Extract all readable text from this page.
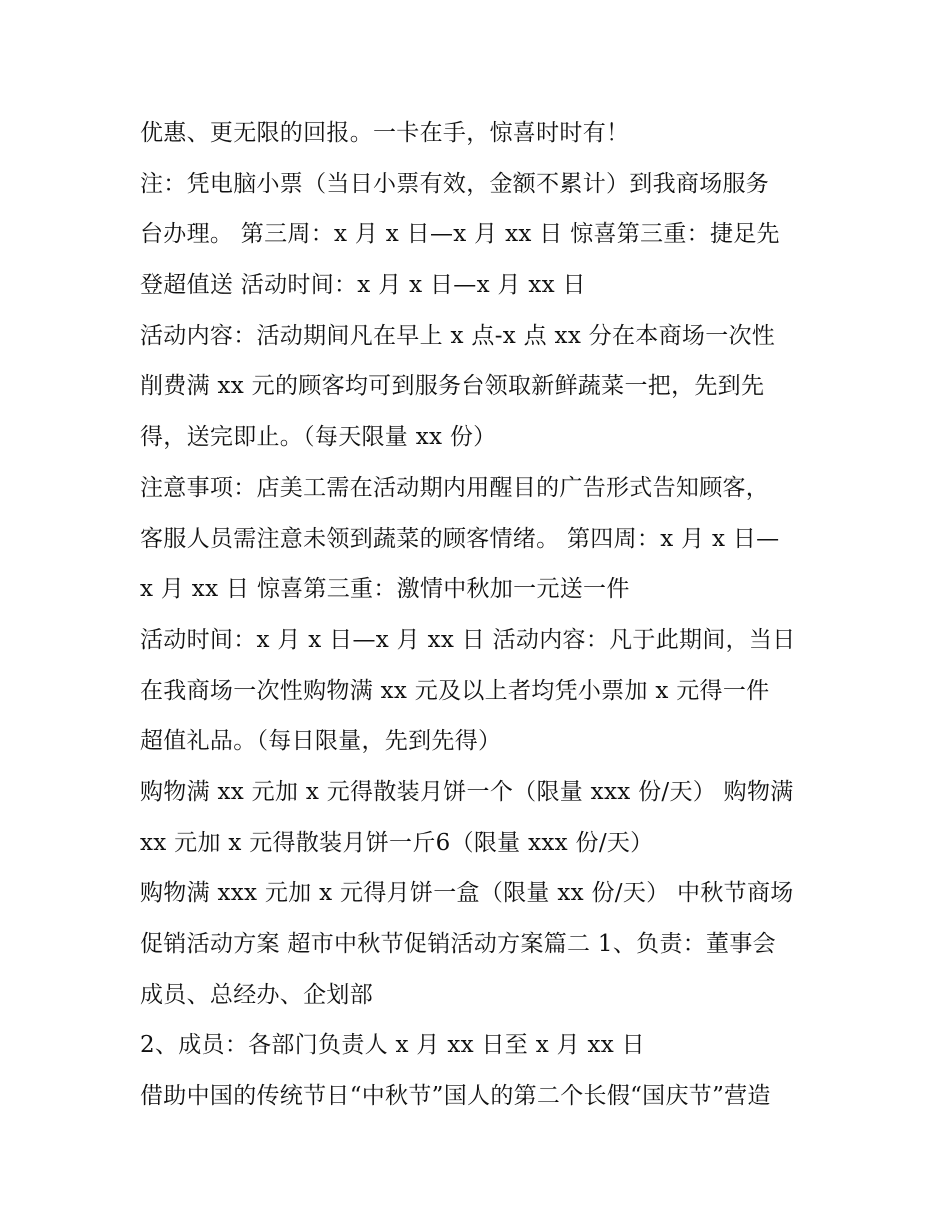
优惠、更无限的回报。一卡在手，惊喜时时有！
注：凭电脑小票（当日小票有效，金额不累计）到我商场服务
台办理。 第三周：x 月 x 日—x 月 xx 日 惊喜第三重：捷足先
登超值送 活动时间：x 月 x 日—x 月 xx 日
活动内容：活动期间凡在早上 x 点-x 点 xx 分在本商场一次性
削费满 xx 元的顾客均可到服务台领取新鲜蔬菜一把，先到先
得，送完即止。（每天限量 xx 份）
注意事项：店美工需在活动期内用醒目的广告形式告知顾客，
客服人员需注意未领到蔬菜的顾客情绪。 第四周：x 月 x 日—
x 月 xx 日 惊喜第三重：激情中秋加一元送一件
活动时间：x 月 x 日—x 月 xx 日 活动内容：凡于此期间，当日
在我商场一次性购物满 xx 元及以上者均凭小票加 x 元得一件
超值礼品。（每日限量，先到先得）
购物满 xx 元加 x 元得散装月饼一个（限量 xxx 份/天） 购物满
xx 元加 x 元得散装月饼一斤6（限量 xxx 份/天）
购物满 xxx 元加 x 元得月饼一盒（限量 xx 份/天） 中秋节商场
促销活动方案 超市中秋节促销活动方案篇二 1、负责：董事会
成员、总经办、企划部
2、成员：各部门负责人 x 月 xx 日至 x 月 xx 日
借助中国的传统节日“中秋节”国人的第二个长假“国庆节”营造
